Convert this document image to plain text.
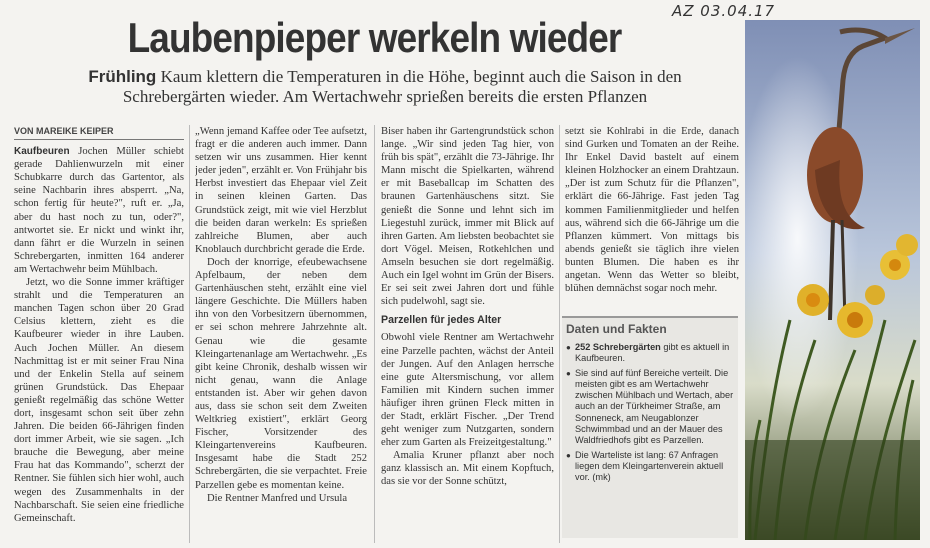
AZ 03.04.17
Laubenpieper werkeln wieder
Frühling Kaum klettern die Temperaturen in die Höhe, beginnt auch die Saison in den Schrebergärten wieder. Am Wertachwehr sprießen bereits die ersten Pflanzen
VON MAREIKE KEIPER

Kaufbeuren Jochen Müller schiebt gerade Dahlienwurzeln mit einer Schubkarre durch das Gartentor, als seine Nachbarin ihres absperrt. „Na, schon fertig für heute?", ruft er. „Ja, aber du hast noch zu tun, oder?", antwortet sie. Er nickt und winkt ihr, dann fährt er die Wurzeln in seinen Schrebergarten, inmitten 164 anderer am Wertachwehr beim Mühlbach.

Jetzt, wo die Sonne immer kräftiger strahlt und die Temperaturen an manchen Tagen schon über 20 Grad Celsius klettern, zieht es die Kaufbeurer wieder in ihre Lauben. Auch Jochen Müller. An diesem Nachmittag ist er mit seiner Frau Nina und der Enkelin Stella auf seinem grünen Grundstück. Das Ehepaar genießt regelmäßig das schöne Wetter dort, insgesamt schon seit über zehn Jahren. Die beiden 66-Jährigen finden dort immer Arbeit, wie sie sagen. „Ich brauche die Bewegung, aber meine Frau hat das Kommando", scherzt der Rentner. Sie fühlen sich hier wohl, auch wegen des Zusammenhalts in der Nachbarschaft. Sie seien eine friedliche Gemeinschaft.

„Wenn jemand Kaffee oder Tee aufsetzt, fragt er die anderen auch immer. Dann setzen wir uns zusammen. Hier kennt jeder jeden", erzählt er. Von Frühjahr bis Herbst investiert das Ehepaar viel Zeit in seinen kleinen Garten. Das Grundstück zeigt, mit wie viel Herzblut die beiden daran werkeln: Es sprießen zahlreiche Blumen, aber auch Knoblauch durchbricht gerade die Erde.

Doch der knorrige, efeubewachsene Apfelbaum, der neben dem Gartenhäuschen steht, erzählt eine viel längere Geschichte. Die Müllers haben ihn von den Vorbesitzern übernommen, er sei schon mehrere Jahrzehnte alt. Genau wie die gesamte Kleingartenanlage am Wertachwehr. „Es gibt keine Chronik, deshalb wissen wir nicht genau, wann die Anlage entstanden ist. Aber wir gehen davon aus, dass sie schon seit dem Zweiten Weltkrieg existiert", erklärt Georg Fischer, Vorsitzender des Kleingartenvereins Kaufbeuren. Insgesamt habe die Stadt 252 Schrebergärten, die sie verpachtet. Freie Parzellen gebe es momentan keine.

Die Rentner Manfred und Ursula

Biser haben ihr Gartengrundstück schon lange. „Wir sind jeden Tag hier, von früh bis spät", erzählt die 73-Jährige. Ihr Mann mischt die Spielkarten, während er mit Baseballcap im Schatten des braunen Gartenhäuschens sitzt. Sie genießt die Sonne und lehnt sich im Liegestuhl zurück, immer mit Blick auf ihren Garten. Am liebsten beobachtet sie dort Vögel. Meisen, Rotkehlchen und Amseln besuchen sie dort regelmäßig. Auch ein Igel wohnt im Grün der Bisers. Er sei seit zwei Jahren dort und fühle sich pudelwohl, sagt sie.

Parzellen für jedes Alter

Obwohl viele Rentner am Wertachwehr eine Parzelle pachten, wächst der Anteil der Jungen. Auf den Anlagen herrsche eine gute Altersmischung, vor allem Familien mit Kindern suchen immer häufiger ihren grünen Fleck mitten in der Stadt, erklärt Fischer. „Der Trend geht weniger zum Nutzgarten, sondern eher zum Garten als Freizeitgestaltung."

Amalia Kruner pflanzt aber noch ganz klassisch an. Mit einem Kopftuch, das sie vor der Sonne schützt,

setzt sie Kohlrabi in die Erde, danach sind Gurken und Tomaten an der Reihe. Ihr Enkel David bastelt auf einem kleinen Holzhocker an einem Drahtzaun. „Der ist zum Schutz für die Pflanzen", erklärt die 66-Jährige. Fast jeden Tag kommen Familienmitglieder und helfen aus, während sich die 66-Jährige um die Pflanzen kümmert. Von mittags bis abends genießt sie täglich ihre vielen bunten Blumen. Die haben es ihr angetan. Wenn das Wetter so bleibt, blühen demnächst sogar noch mehr.

Daten und Fakten
● 252 Schrebergärten gibt es aktuell in Kaufbeuren.
● Sie sind auf fünf Bereiche verteilt. Die meisten gibt es am Wertachwehr zwischen Mühlbach und Wertach, aber auch an der Türkheimer Straße, am Sonneneck, am Neugablonzer Schwimmbad und an der Mauer des Waldfriedhofs gibt es Parzellen.
● Die Warteliste ist lang: 67 Anfragen liegen dem Kleingartenverein aktuell vor. (mk)
